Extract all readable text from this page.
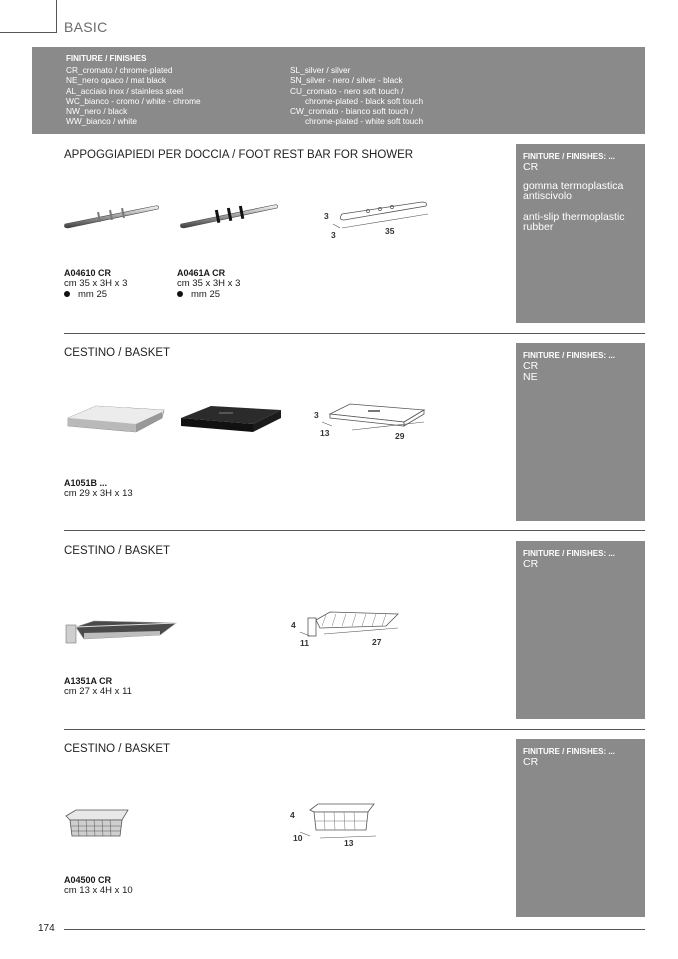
BASIC
FINITURE / FINISHES
CR_cromato / chrome-plated
NE_nero opaco / mat black
AL_acciaio inox / stainless steel
WC_bianco - cromo / white - chrome
NW_nero / black
WW_bianco / white
SL_silver / silver
SN_silver - nero / silver - black
CU_cromato - nero soft touch /
chrome-plated - black soft touch
CW_cromato - bianco soft touch /
chrome-plated - white soft touch
APPOGGIAPIEDI PER DOCCIA / FOOT REST BAR FOR SHOWER	FINITURE / FINISHES: ...
CR
gomma termoplastica antiscivolo
anti-slip thermoplastic rubber
3
3	35
A04610 CR
cm 35 x 3H x 3
mm 25
A0461A CR
cm 35 x 3H x 3
mm 25
CESTINO / BASKET	FINITURE / FINISHES: ...
CR
NE
3
13	29
A1051B ...
cm 29 x 3H x 13
CESTINO / BASKET	FINITURE / FINISHES: ...
CR
4
11	27
A1351A CR
cm 27 x 4H x 11
CESTINO / BASKET	FINITURE / FINISHES: ...
CR
4
10	13
A04500 CR
cm 13 x 4H x 10
174
